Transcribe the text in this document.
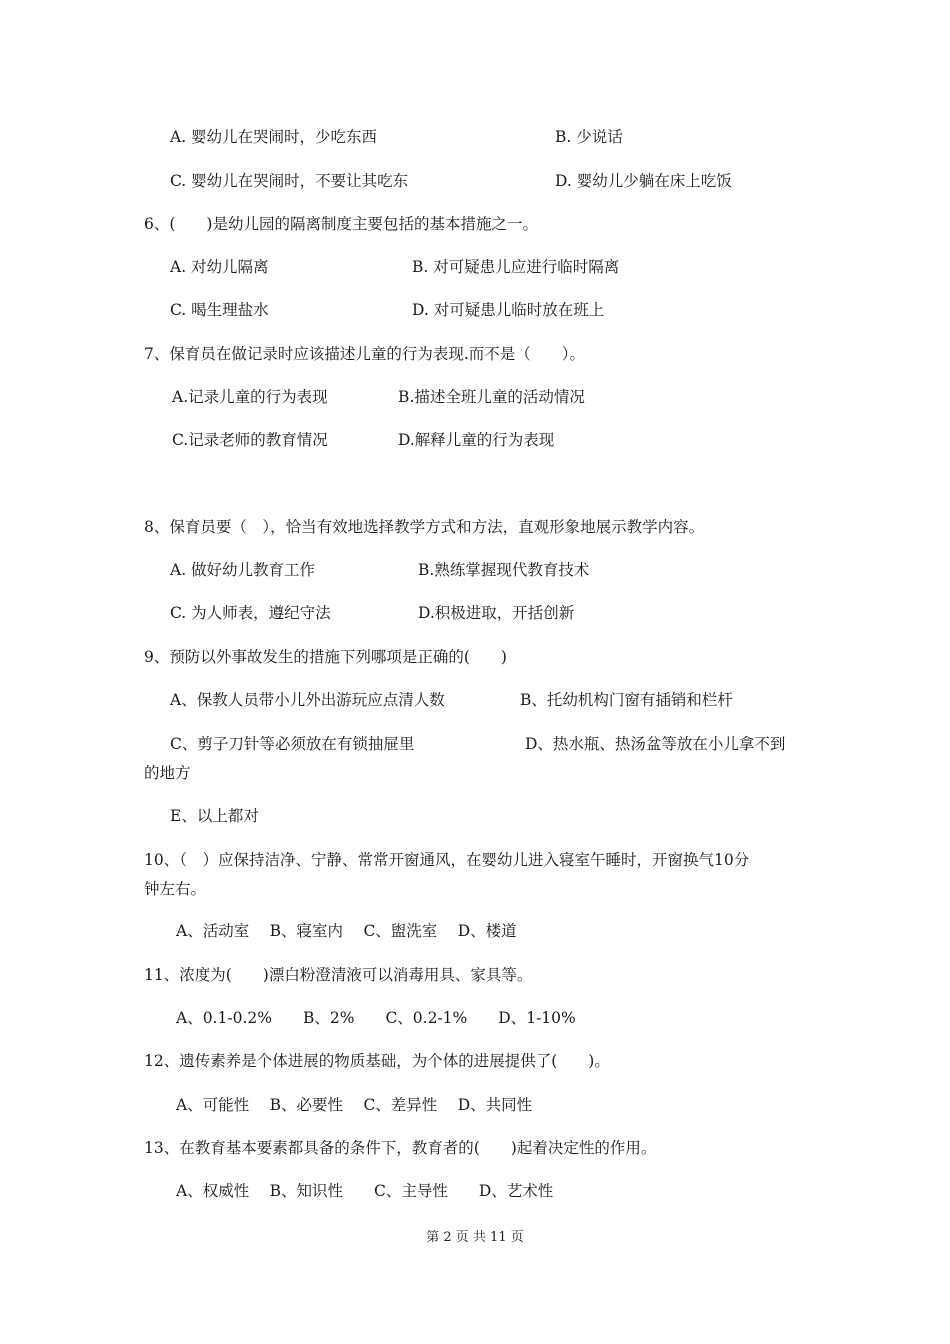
A. 婴幼儿在哭闹时，少吃东西	B. 少说话
C. 婴幼儿在哭闹时，不要让其吃东	D. 婴幼儿少躺在床上吃饭
6、(　　)是幼儿园的隔离制度主要包括的基本措施之一。
A. 对幼儿隔离	B. 对可疑患儿应进行临时隔离
C. 喝生理盐水	D. 对可疑患儿临时放在班上
7、保育员在做记录时应该描述儿童的行为表现.而不是（　　）。
A.记录儿童的行为表现	B.描述全班儿童的活动情况
C.记录老师的教育情况	D.解释儿童的行为表现
8、保育员要（　），恰当有效地选择教学方式和方法，直观形象地展示教学内容。
A. 做好幼儿教育工作	B.熟练掌握现代教育技术
C. 为人师表，遵纪守法	D.积极进取，开括创新
9、预防以外事故发生的措施下列哪项是正确的(　　)
A、保教人员带小儿外出游玩应点清人数	B、托幼机构门窗有插销和栏杆
C、剪子刀针等必须放在有锁抽屉里	D、热水瓶、热汤盆等放在小儿拿不到
的地方
E、以上都对
10、（　）应保持洁净、宁静、常常开窗通风，在婴幼儿进入寝室午睡时，开窗换气10分
钟左右。
A、活动室　 B、寝室内　 C、盥洗室　 D、楼道
11、浓度为(　　)漂白粉澄清液可以消毒用具、家具等。
A、0.1-0.2%　　B、2%　　C、0.2-1%　　D、1-10%
12、遗传素养是个体进展的物质基础，为个体的进展提供了(　　)。
A、可能性　 B、必要性　 C、差异性　 D、共同性
13、在教育基本要素都具备的条件下，教育者的(　　)起着决定性的作用。
A、权威性　 B、知识性　　C、主导性　　D、艺术性
第 2 页 共 11 页
